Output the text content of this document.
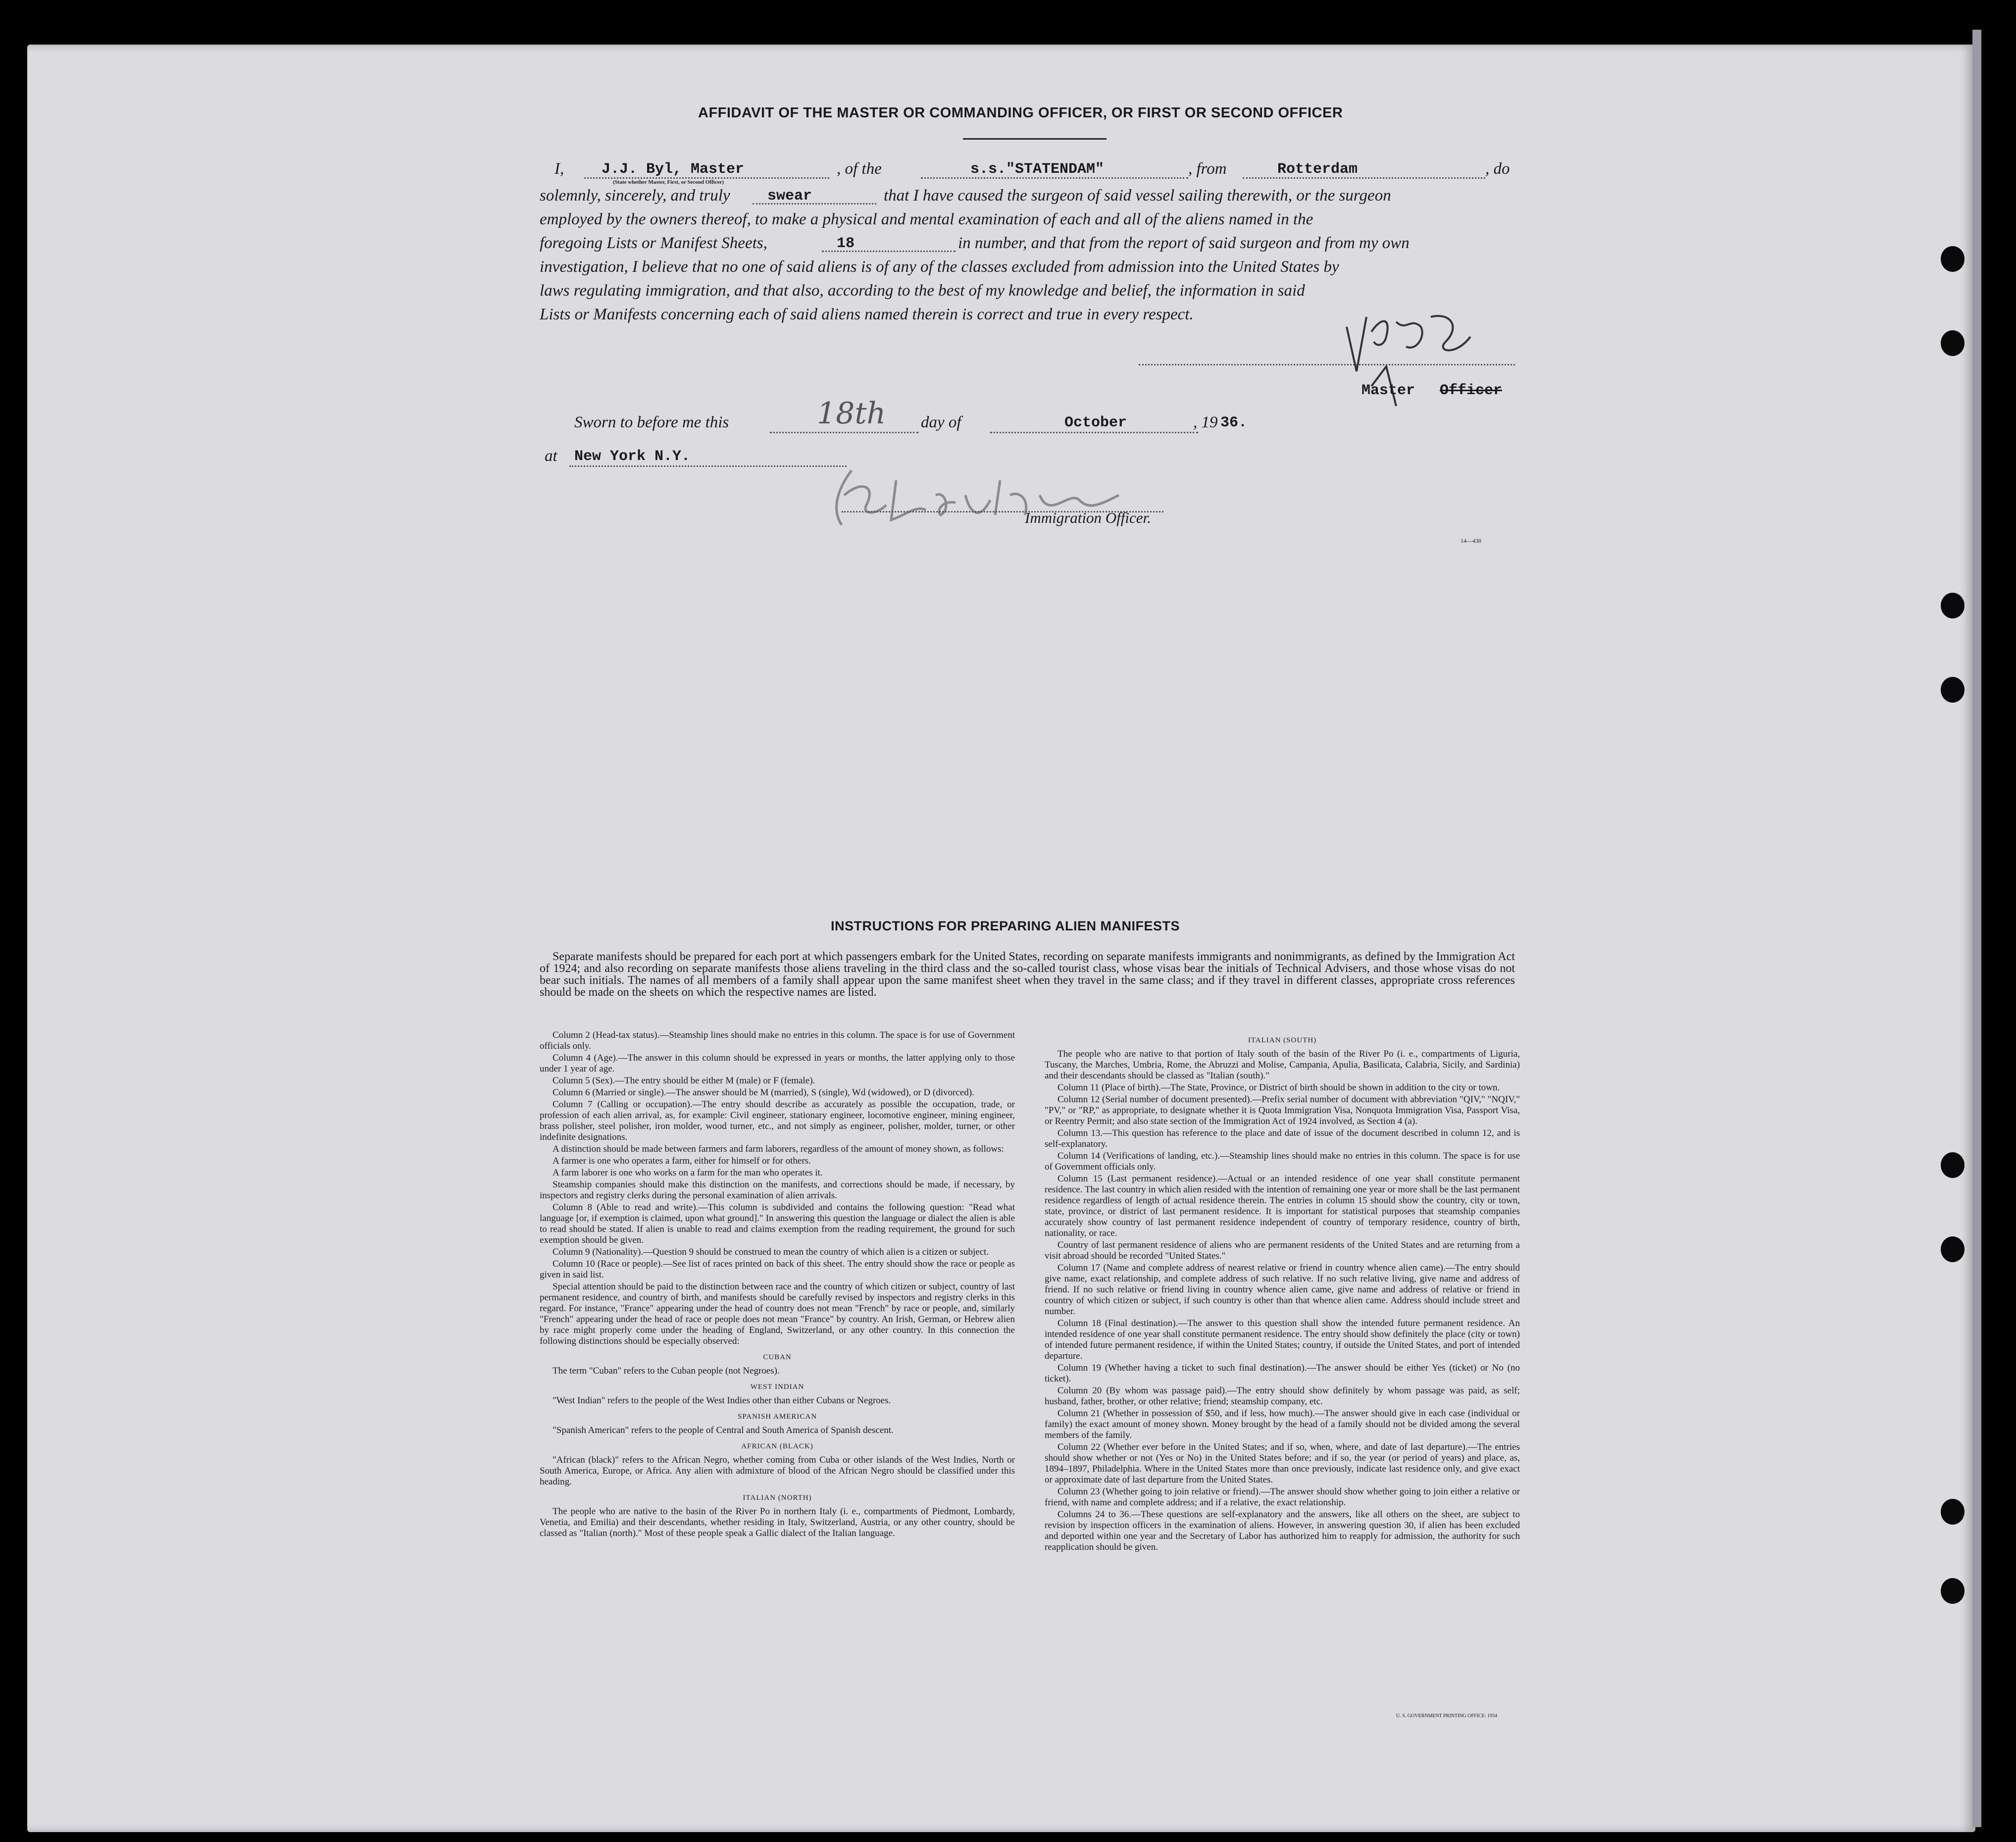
AFFIDAVIT OF THE MASTER OR COMMANDING OFFICER, OR FIRST OR SECOND OFFICER
I,	J.J. Byl, Master	, of the	s.s."STATENDAM"	, from	Rotterdam	, do
(State whether Master, First, or Second Officer)
solemnly, sincerely, and truly	swear	that I have caused the surgeon of said vessel sailing therewith, or the surgeon
employed by the owners thereof, to make a physical and mental examination of each and all of the aliens named in the
foregoing Lists or Manifest Sheets,	18	in number, and that from the report of said surgeon and from my own
investigation, I believe that no one of said aliens is of any of the classes excluded from admission into the United States by
laws regulating immigration, and that also, according to the best of my knowledge and belief, the information in said
Lists or Manifests concerning each of said aliens named therein is correct and true in every respect.
Master Officer
Sworn to before me this	18th day of	October	, 19 36.
at New York N.Y.
Immigration Officer.
14—430
INSTRUCTIONS FOR PREPARING ALIEN MANIFESTS

Separate manifests should be prepared for each port at which passengers embark for the United States, recording on separate manifests immigrants and nonimmigrants, as defined by the Immigration Act of 1924; and also recording on separate manifests those aliens traveling in the third class and the so-called tourist class, whose visas bear the initials of Technical Advisers, and those whose visas do not bear such initials. The names of all members of a family shall appear upon the same manifest sheet when they travel in the same class; and if they travel in different classes, appropriate cross references should be made on the sheets on which the respective names are listed.

Column 2 (Head-tax status).—Steamship lines should make no entries in this column. The space is for use of Government officials only.

Column 4 (Age).—The answer in this column should be expressed in years or months, the latter applying only to those under 1 year of age.

Column 5 (Sex).—The entry should be either M (male) or F (female).

Column 6 (Married or single).—The answer should be M (married), S (single), Wd (widowed), or D (divorced).

Column 7 (Calling or occupation).—The entry should describe as accurately as possible the occupation, trade, or profession of each alien arrival, as, for example: Civil engineer, stationary engineer, locomotive engineer, mining engineer, brass polisher, steel polisher, iron molder, wood turner, etc., and not simply as engineer, polisher, molder, turner, or other indefinite designations.

A distinction should be made between farmers and farm laborers, regardless of the amount of money shown, as follows:

A farmer is one who operates a farm, either for himself or for others.

A farm laborer is one who works on a farm for the man who operates it.

Steamship companies should make this distinction on the manifests, and corrections should be made, if necessary, by inspectors and registry clerks during the personal examination of alien arrivals.

Column 8 (Able to read and write).—This column is subdivided and contains the following question: "Read what language [or, if exemption is claimed, upon what ground]." In answering this question the language or dialect the alien is able to read should be stated. If alien is unable to read and claims exemption from the reading requirement, the ground for such exemption should be given.

Column 9 (Nationality).—Question 9 should be construed to mean the country of which alien is a citizen or subject.

Column 10 (Race or people).—See list of races printed on back of this sheet. The entry should show the race or people as given in said list.

Special attention should be paid to the distinction between race and the country of which citizen or subject, country of last permanent residence, and country of birth, and manifests should be carefully revised by inspectors and registry clerks in this regard. For instance, "France" appearing under the head of country does not mean "French" by race or people, and, similarly "French" appearing under the head of race or people does not mean "France" by country. An Irish, German, or Hebrew alien by race might properly come under the heading of England, Switzerland, or any other country. In this connection the following distinctions should be especially observed:

CUBAN

The term "Cuban" refers to the Cuban people (not Negroes).

WEST INDIAN

"West Indian" refers to the people of the West Indies other than either Cubans or Negroes.

SPANISH AMERICAN

"Spanish American" refers to the people of Central and South America of Spanish descent.

AFRICAN (BLACK)

"African (black)" refers to the African Negro, whether coming from Cuba or other islands of the West Indies, North or South America, Europe, or Africa. Any alien with admixture of blood of the African Negro should be classified under this heading.

ITALIAN (NORTH)

The people who are native to the basin of the River Po in northern Italy (i. e., compartments of Piedmont, Lombardy, Venetia, and Emilia) and their descendants, whether residing in Italy, Switzerland, Austria, or any other country, should be classed as "Italian (north)." Most of these people speak a Gallic dialect of the Italian language.

ITALIAN (SOUTH)

The people who are native to that portion of Italy south of the basin of the River Po (i. e., compartments of Liguria, Tuscany, the Marches, Umbria, Rome, the Abruzzi and Molise, Campania, Apulia, Basilicata, Calabria, Sicily, and Sardinia) and their descendants should be classed as "Italian (south)."

Column 11 (Place of birth).—The State, Province, or District of birth should be shown in addition to the city or town.

Column 12 (Serial number of document presented).—Prefix serial number of document with abbreviation "QIV," "NQIV," "PV," or "RP," as appropriate, to designate whether it is Quota Immigration Visa, Nonquota Immigration Visa, Passport Visa, or Reentry Permit; and also state section of the Immigration Act of 1924 involved, as Section 4 (a).

Column 13.—This question has reference to the place and date of issue of the document described in column 12, and is self-explanatory.

Column 14 (Verifications of landing, etc.).—Steamship lines should make no entries in this column. The space is for use of Government officials only.

Column 15 (Last permanent residence).—Actual or an intended residence of one year shall constitute permanent residence. The last country in which alien resided with the intention of remaining one year or more shall be the last permanent residence regardless of length of actual residence therein. The entries in column 15 should show the country, city or town, state, province, or district of last permanent residence. It is important for statistical purposes that steamship companies accurately show country of last permanent residence independent of country of temporary residence, country of birth, nationality, or race.

Country of last permanent residence of aliens who are permanent residents of the United States and are returning from a visit abroad should be recorded "United States."

Column 17 (Name and complete address of nearest relative or friend in country whence alien came).—The entry should give name, exact relationship, and complete address of such relative. If no such relative living, give name and address of friend. If no such relative or friend living in country whence alien came, give name and address of relative or friend in country of which citizen or subject, if such country is other than that whence alien came. Address should include street and number.

Column 18 (Final destination).—The answer to this question shall show the intended future permanent residence. An intended residence of one year shall constitute permanent residence. The entry should show definitely the place (city or town) of intended future permanent residence, if within the United States; country, if outside the United States, and port of intended departure.

Column 19 (Whether having a ticket to such final destination).—The answer should be either Yes (ticket) or No (no ticket).

Column 20 (By whom was passage paid).—The entry should show definitely by whom passage was paid, as self; husband, father, brother, or other relative; friend; steamship company, etc.

Column 21 (Whether in possession of $50, and if less, how much).—The answer should give in each case (individual or family) the exact amount of money shown. Money brought by the head of a family should not be divided among the several members of the family.

Column 22 (Whether ever before in the United States; and if so, when, where, and date of last departure).—The entries should show whether or not (Yes or No) in the United States before; and if so, the year (or period of years) and place, as, 1894–1897, Philadelphia. Where in the United States more than once previously, indicate last residence only, and give exact or approximate date of last departure from the United States.

Column 23 (Whether going to join relative or friend).—The answer should show whether going to join either a relative or friend, with name and complete address; and if a relative, the exact relationship.

Columns 24 to 36.—These questions are self-explanatory and the answers, like all others on the sheet, are subject to revision by inspection officers in the examination of aliens. However, in answering question 30, if alien has been excluded and deported within one year and the Secretary of Labor has authorized him to reapply for admission, the authority for such reapplication should be given.

U. S. GOVERNMENT PRINTING OFFICE: 1934
